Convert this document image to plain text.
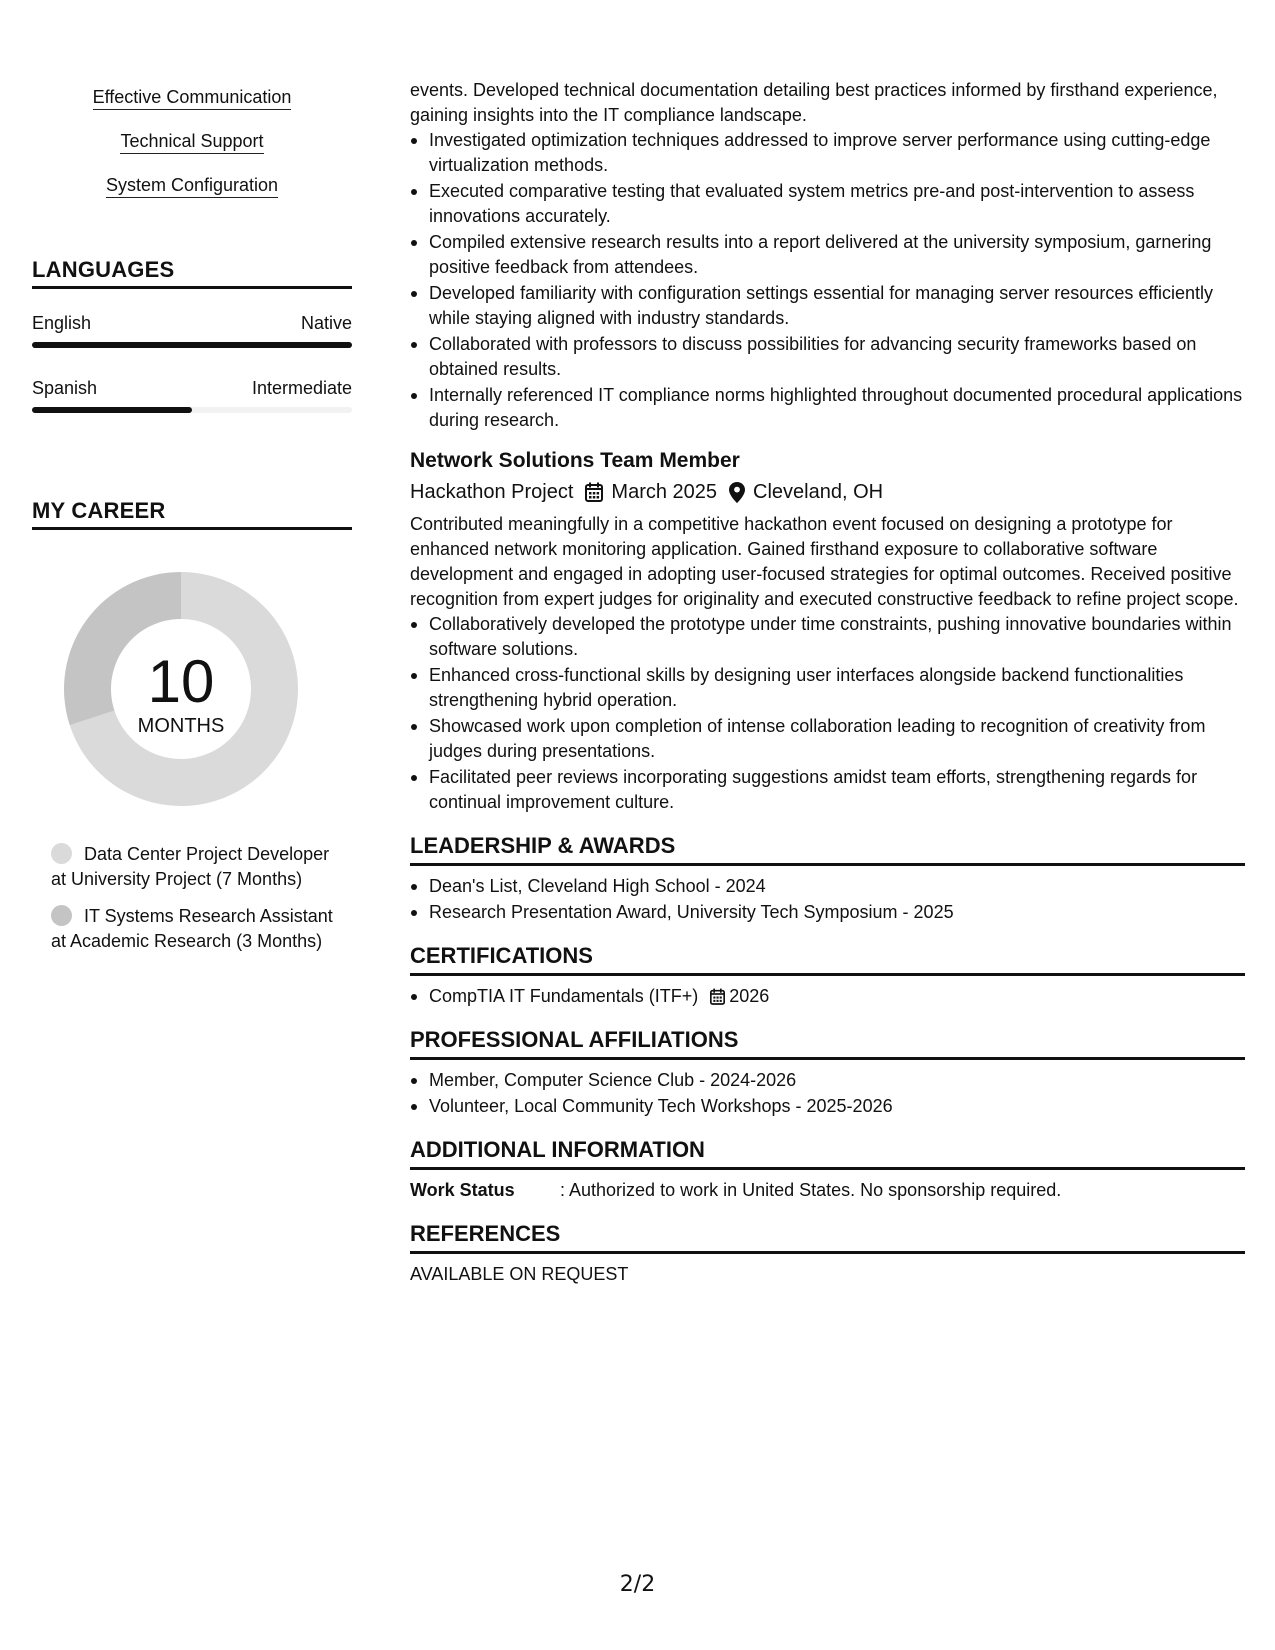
Effective Communication
Technical Support
System Configuration
LANGUAGES
English	Native
Spanish	Intermediate
MY CAREER
10
MONTHS
Data Center Project Developer at University Project (7 Months)
IT Systems Research Assistant at Academic Research (3 Months)

events. Developed technical documentation detailing best practices informed by firsthand experience, gaining insights into the IT compliance landscape.

Investigated optimization techniques addressed to improve server performance using cutting-edge virtualization methods.
Executed comparative testing that evaluated system metrics pre-and post-intervention to assess innovations accurately.
Compiled extensive research results into a report delivered at the university symposium, garnering positive feedback from attendees.
Developed familiarity with configuration settings essential for managing server resources efficiently while staying aligned with industry standards.
Collaborated with professors to discuss possibilities for advancing security frameworks based on obtained results.
Internally referenced IT compliance norms highlighted throughout documented procedural applications during research.
Network Solutions Team Member
Hackathon Project March 2025 Cleveland, OH

Contributed meaningfully in a competitive hackathon event focused on designing a prototype for enhanced network monitoring application. Gained firsthand exposure to collaborative software development and engaged in adopting user-focused strategies for optimal outcomes. Received positive recognition from expert judges for originality and executed constructive feedback to refine project scope.

Collaboratively developed the prototype under time constraints, pushing innovative boundaries within software solutions.
Enhanced cross-functional skills by designing user interfaces alongside backend functionalities strengthening hybrid operation.
Showcased work upon completion of intense collaboration leading to recognition of creativity from judges during presentations.
Facilitated peer reviews incorporating suggestions amidst team efforts, strengthening regards for continual improvement culture.
LEADERSHIP & AWARDS
Dean's List, Cleveland High School - 2024
Research Presentation Award, University Tech Symposium - 2025
CERTIFICATIONS
CompTIA IT Fundamentals (ITF+) 2026
PROFESSIONAL AFFILIATIONS
Member, Computer Science Club - 2024-2026
Volunteer, Local Community Tech Workshops - 2025-2026
ADDITIONAL INFORMATION
Work Status	: Authorized to work in United States. No sponsorship required.
REFERENCES

AVAILABLE ON REQUEST

2/2
